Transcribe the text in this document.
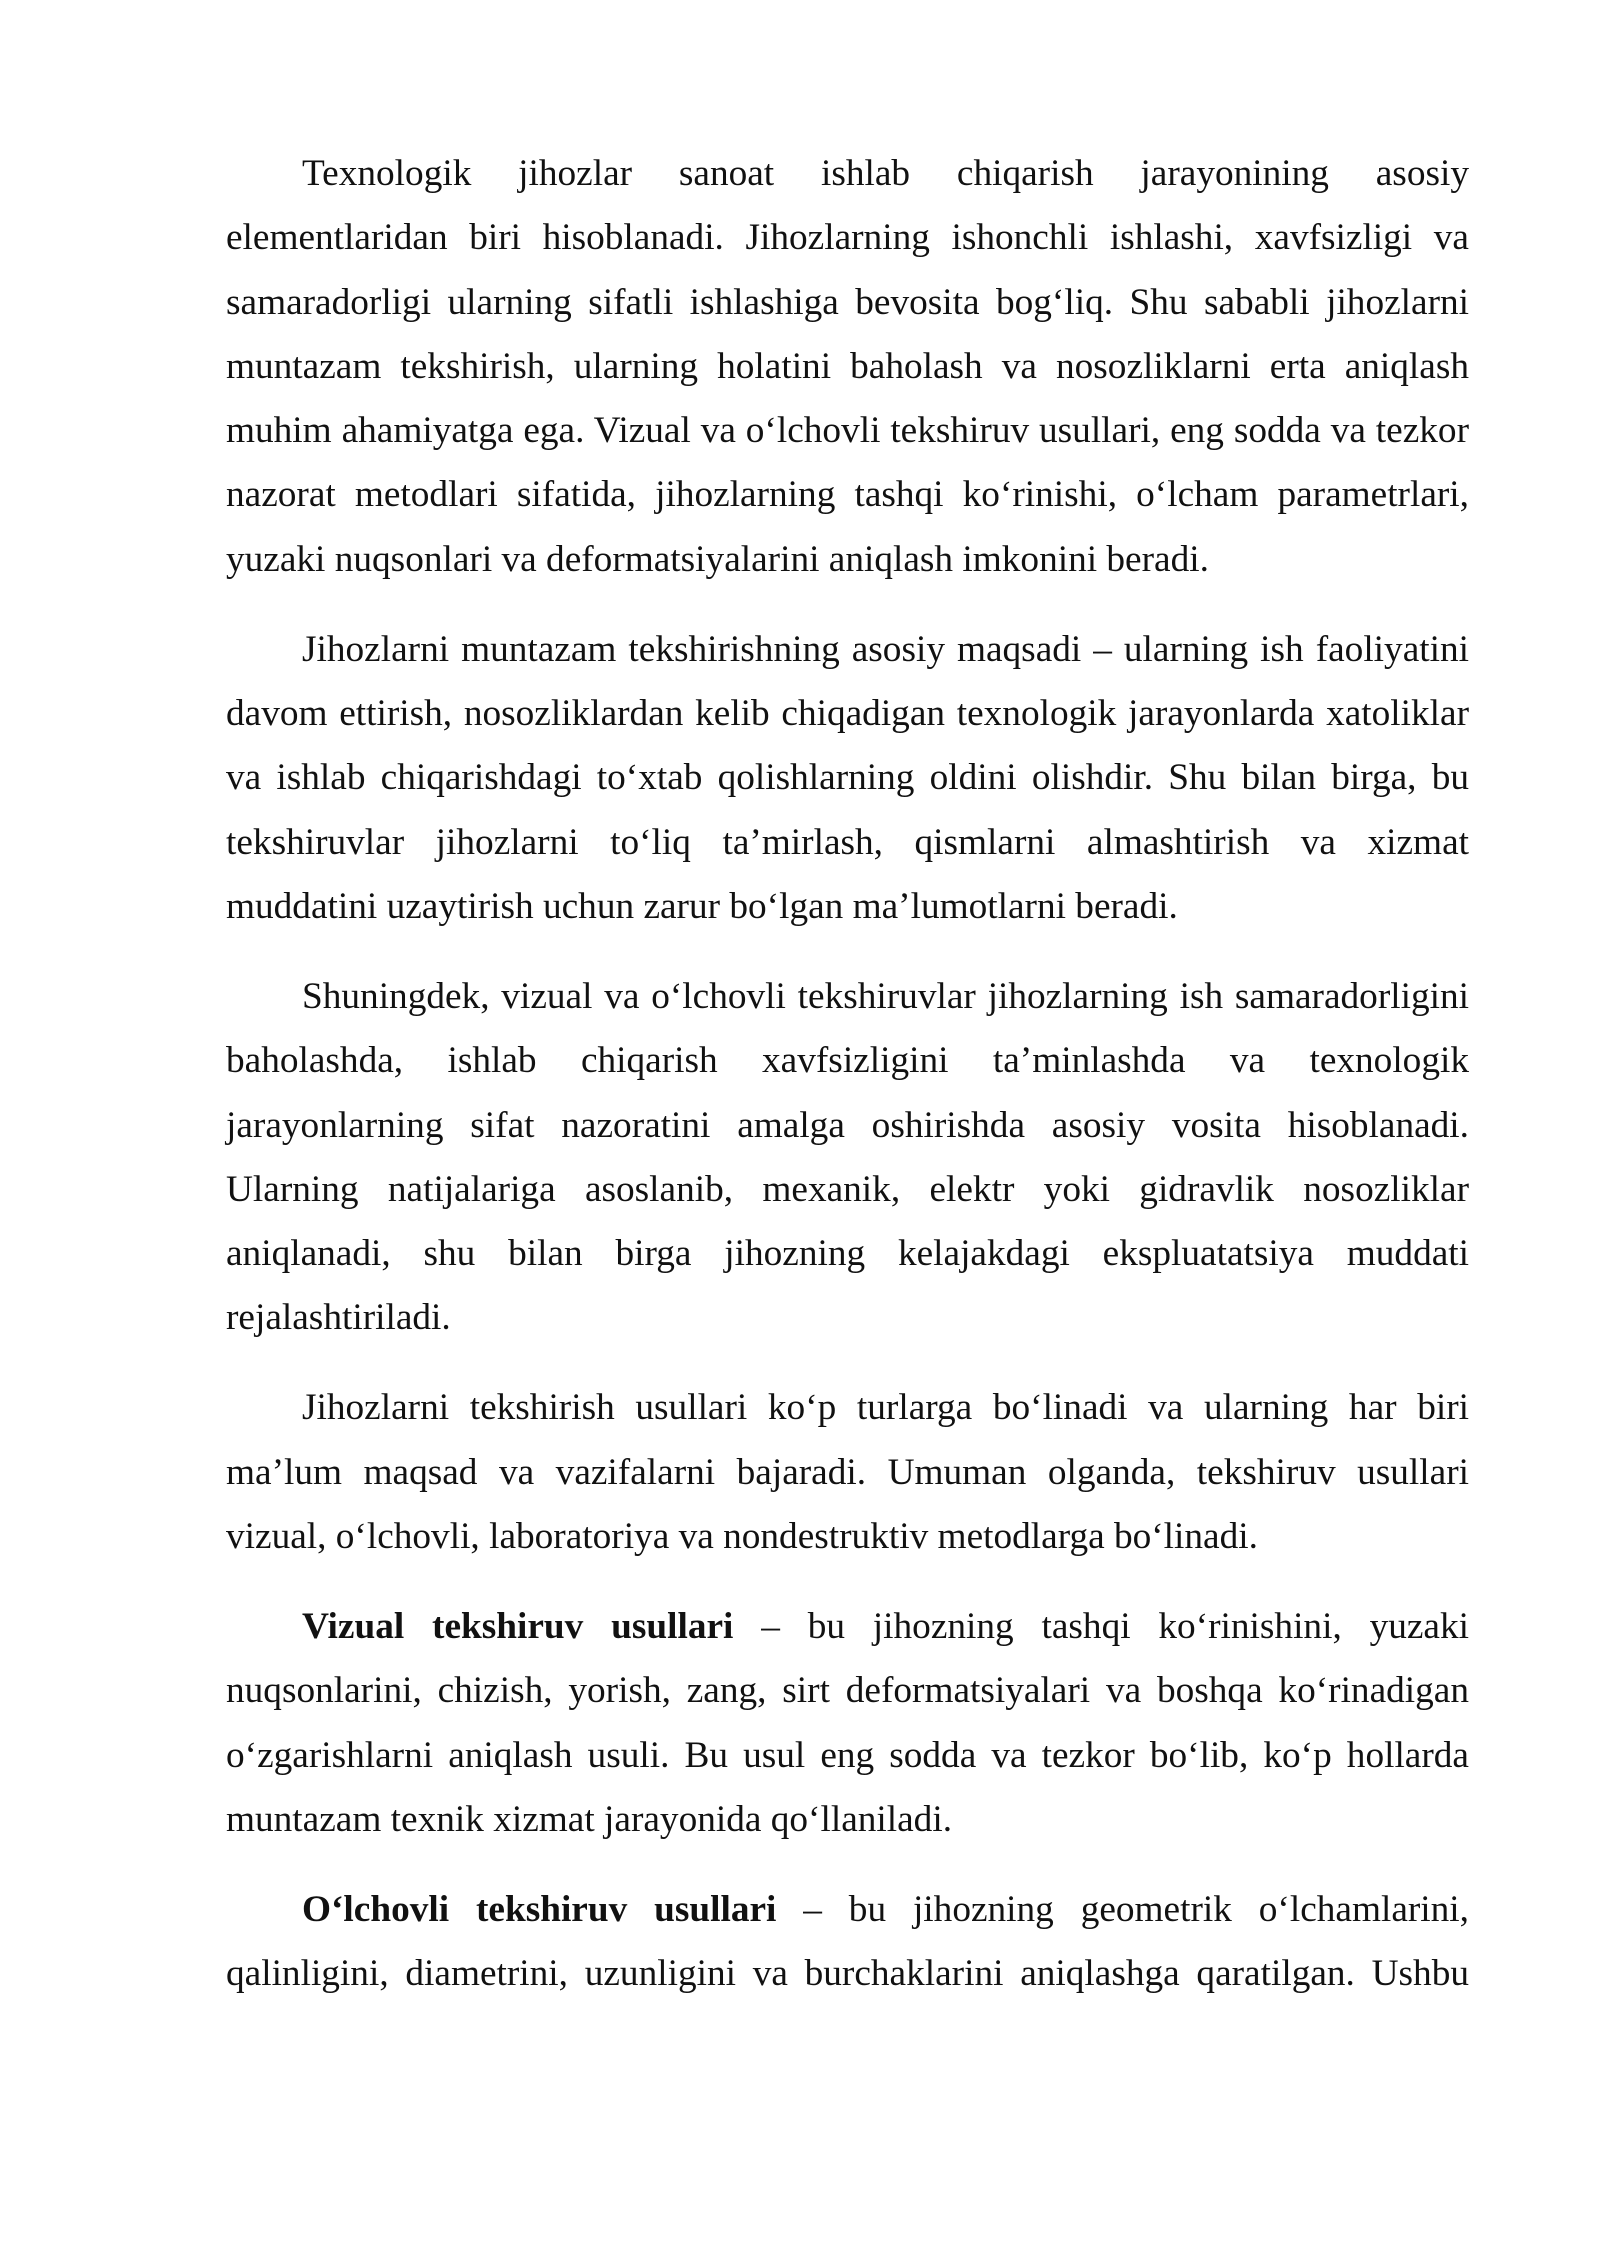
Texnologik jihozlar sanoat ishlab chiqarish jarayonining asosiy
elementlaridan biri hisoblanadi. Jihozlarning ishonchli ishlashi, xavfsizligi va
samaradorligi ularning sifatli ishlashiga bevosita bog‘liq. Shu sababli jihozlarni
muntazam tekshirish, ularning holatini baholash va nosozliklarni erta aniqlash
muhim ahamiyatga ega. Vizual va o‘lchovli tekshiruv usullari, eng sodda va tezkor
nazorat metodlari sifatida, jihozlarning tashqi ko‘rinishi, o‘lcham parametrlari,
yuzaki nuqsonlari va deformatsiyalarini aniqlash imkonini beradi.
Jihozlarni muntazam tekshirishning asosiy maqsadi – ularning ish faoliyatini
davom ettirish, nosozliklardan kelib chiqadigan texnologik jarayonlarda xatoliklar
va ishlab chiqarishdagi to‘xtab qolishlarning oldini olishdir. Shu bilan birga, bu
tekshiruvlar jihozlarni to‘liq ta’mirlash, qismlarni almashtirish va xizmat
muddatini uzaytirish uchun zarur bo‘lgan ma’lumotlarni beradi.
Shuningdek, vizual va o‘lchovli tekshiruvlar jihozlarning ish samaradorligini
baholashda, ishlab chiqarish xavfsizligini ta’minlashda va texnologik
jarayonlarning sifat nazoratini amalga oshirishda asosiy vosita hisoblanadi.
Ularning natijalariga asoslanib, mexanik, elektr yoki gidravlik nosozliklar
aniqlanadi, shu bilan birga jihozning kelajakdagi ekspluatatsiya muddati
rejalashtiriladi.
Jihozlarni tekshirish usullari ko‘p turlarga bo‘linadi va ularning har biri
ma’lum maqsad va vazifalarni bajaradi. Umuman olganda, tekshiruv usullari
vizual, o‘lchovli, laboratoriya va nondestruktiv metodlarga bo‘linadi.
Vizual tekshiruv usullari – bu jihozning tashqi ko‘rinishini, yuzaki
nuqsonlarini, chizish, yorish, zang, sirt deformatsiyalari va boshqa ko‘rinadigan
o‘zgarishlarni aniqlash usuli. Bu usul eng sodda va tezkor bo‘lib, ko‘p hollarda
muntazam texnik xizmat jarayonida qo‘llaniladi.
O‘lchovli tekshiruv usullari – bu jihozning geometrik o‘lchamlarini,
qalinligini, diametrini, uzunligini va burchaklarini aniqlashga qaratilgan. Ushbu
